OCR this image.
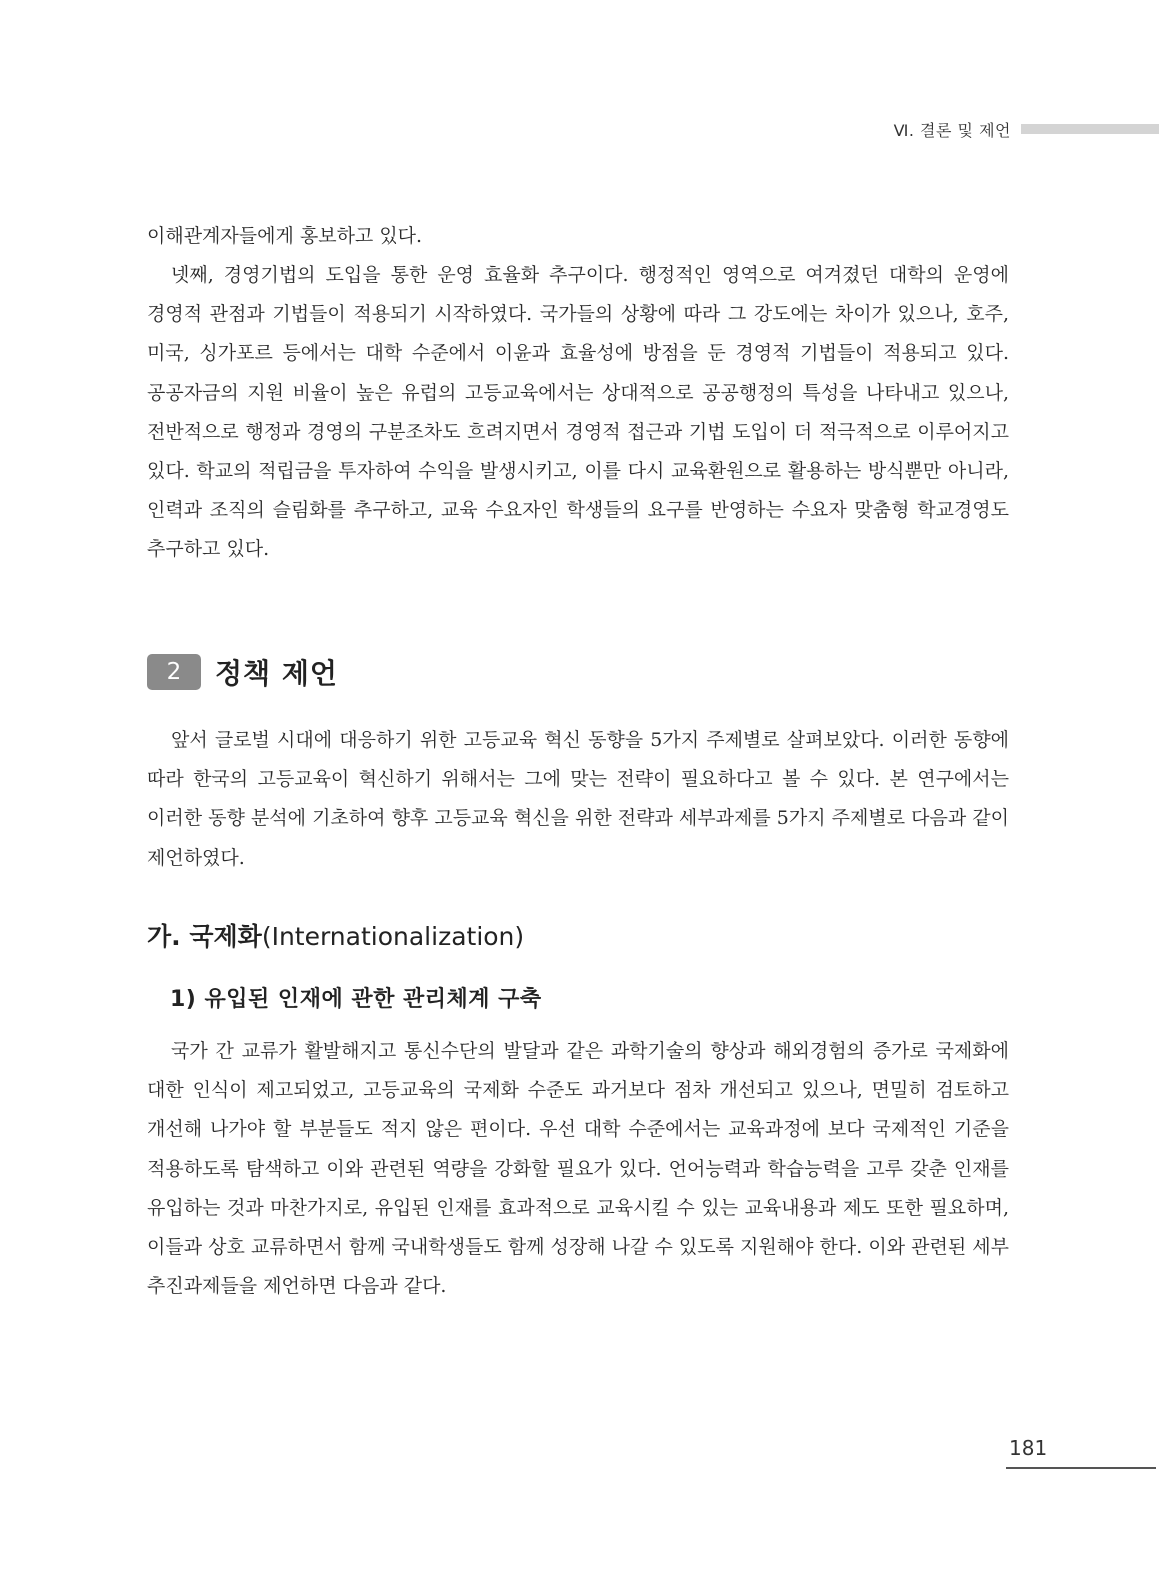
Ⅵ. 결론 및 제언

이해관계자들에게 홍보하고 있다.

넷째, 경영기법의 도입을 통한 운영 효율화 추구이다. 행정적인 영역으로 여겨졌던 대학의 운영에 경영적 관점과 기법들이 적용되기 시작하였다. 국가들의 상황에 따라 그 강도에는 차이가 있으나, 호주, 미국, 싱가포르 등에서는 대학 수준에서 이윤과 효율성에 방점을 둔 경영적 기법들이 적용되고 있다. 공공자금의 지원 비율이 높은 유럽의 고등교육에서는 상대적으로 공공행정의 특성을 나타내고 있으나, 전반적으로 행정과 경영의 구분조차도 흐려지면서 경영적 접근과 기법 도입이 더 적극적으로 이루어지고 있다. 학교의 적립금을 투자하여 수익을 발생시키고, 이를 다시 교육환원으로 활용하는 방식뿐만 아니라, 인력과 조직의 슬림화를 추구하고, 교육 수요자인 학생들의 요구를 반영하는 수요자 맞춤형 학교경영도 추구하고 있다.

2	정책 제언

앞서 글로벌 시대에 대응하기 위한 고등교육 혁신 동향을 5가지 주제별로 살펴보았다. 이러한 동향에 따라 한국의 고등교육이 혁신하기 위해서는 그에 맞는 전략이 필요하다고 볼 수 있다. 본 연구에서는 이러한 동향 분석에 기초하여 향후 고등교육 혁신을 위한 전략과 세부과제를 5가지 주제별로 다음과 같이 제언하였다.

가. 국제화(Internationalization)
1) 유입된 인재에 관한 관리체계 구축

국가 간 교류가 활발해지고 통신수단의 발달과 같은 과학기술의 향상과 해외경험의 증가로 국제화에 대한 인식이 제고되었고, 고등교육의 국제화 수준도 과거보다 점차 개선되고 있으나, 면밀히 검토하고 개선해 나가야 할 부분들도 적지 않은 편이다. 우선 대학 수준에서는 교육과정에 보다 국제적인 기준을 적용하도록 탐색하고 이와 관련된 역량을 강화할 필요가 있다. 언어능력과 학습능력을 고루 갖춘 인재를 유입하는 것과 마찬가지로, 유입된 인재를 효과적으로 교육시킬 수 있는 교육내용과 제도 또한 필요하며, 이들과 상호 교류하면서 함께 국내학생들도 함께 성장해 나갈 수 있도록 지원해야 한다. 이와 관련된 세부 추진과제들을 제언하면 다음과 같다.

181
